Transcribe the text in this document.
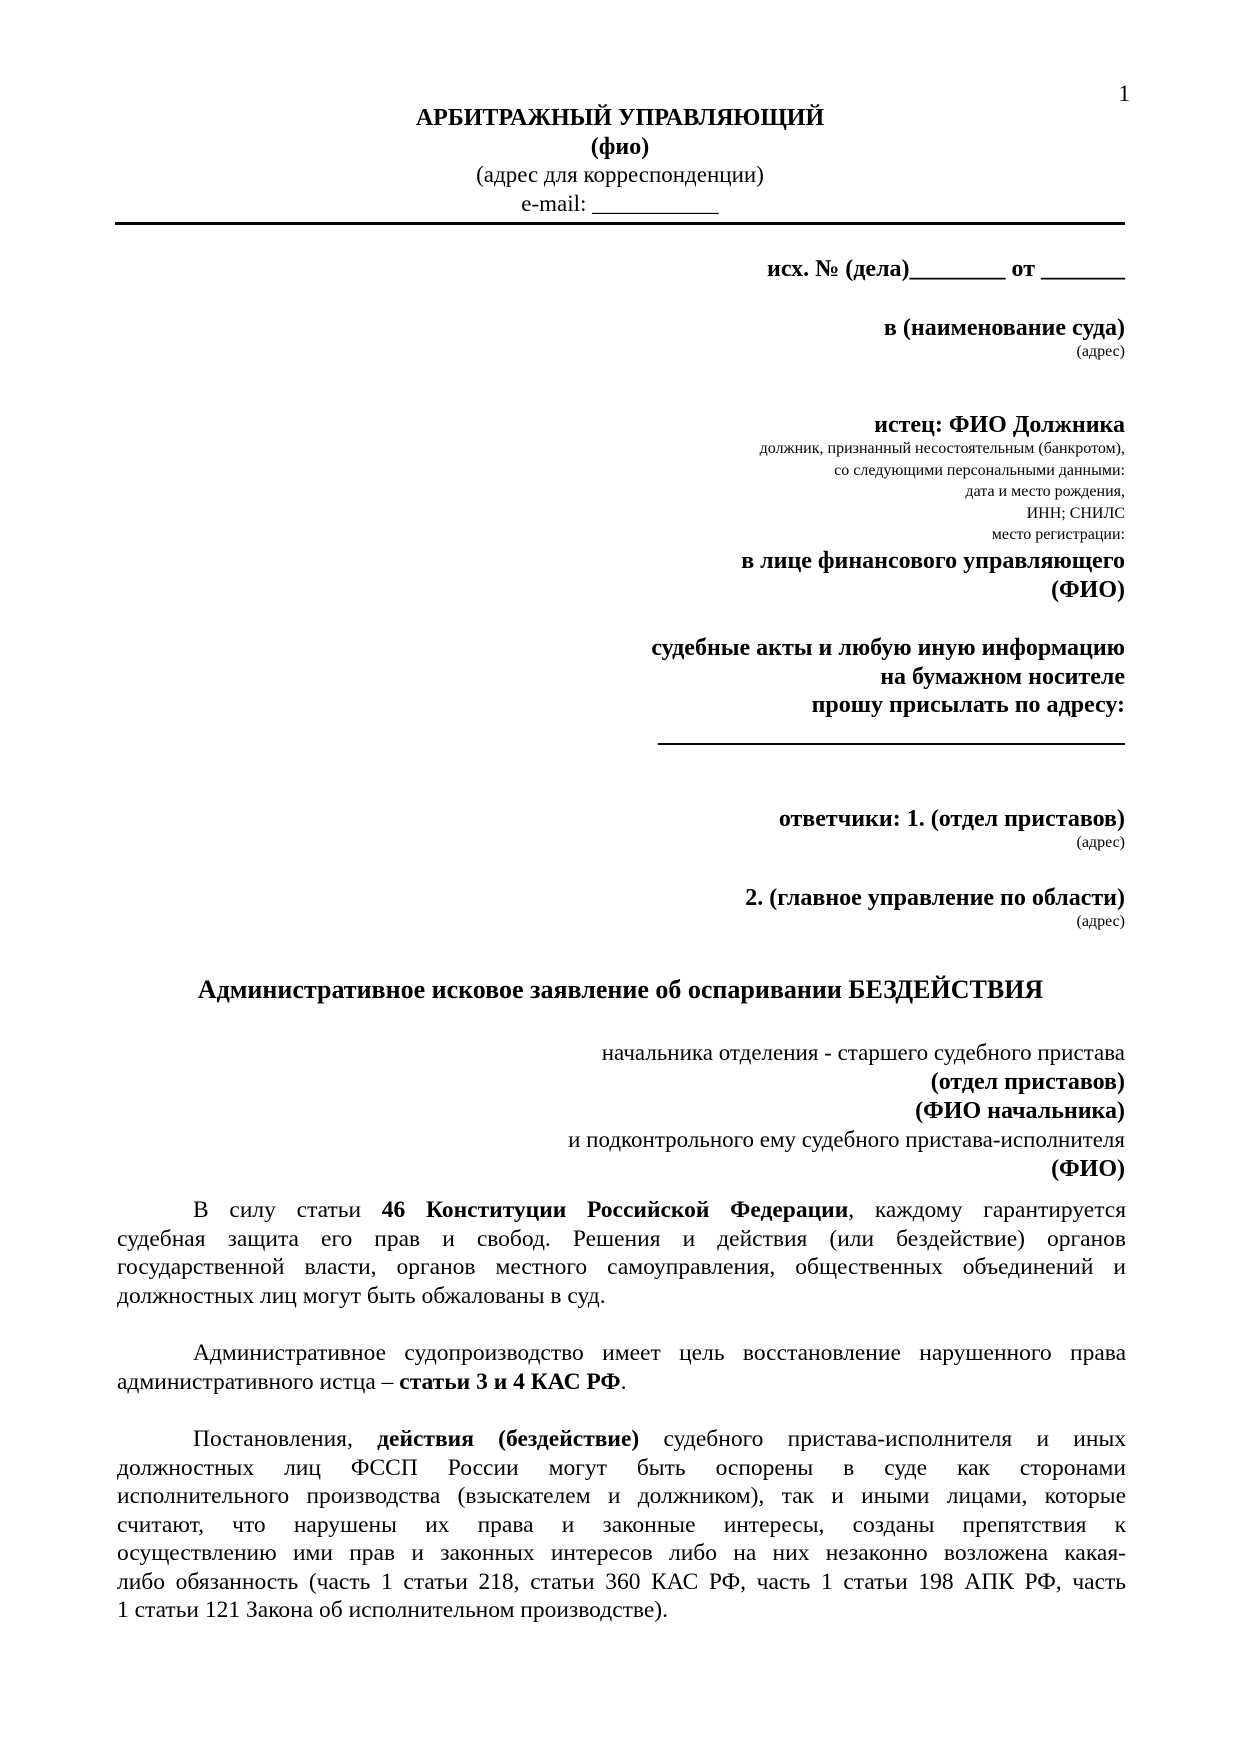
1
АРБИТРАЖНЫЙ УПРАВЛЯЮЩИЙ
(фио)
(адрес для корреспонденции)
e-mail: ___________
исх. № (дела)________ от _______
в (наименование суда)
(адрес)
истец: ФИО Должника
должник, признанный несостоятельным (банкротом),
со следующими персональными данными:
дата и место рождения,
ИНН; СНИЛС
место регистрации:
в лице финансового управляющего
(ФИО)
судебные акты и любую иную информацию
на бумажном носителе
прошу присылать по адресу:
ответчики: 1. (отдел приставов)
(адрес)
2. (главное управление по области)
(адрес)
Административное исковое заявление об оспаривании БЕЗДЕЙСТВИЯ
начальника отделения - старшего судебного пристава
(отдел приставов)
(ФИО начальника)
и подконтрольного ему судебного пристава-исполнителя
(ФИО)
В силу статьи 46 Конституции Российской Федерации, каждому гарантируется
судебная защита его прав и свобод. Решения и действия (или бездействие) органов
государственной власти, органов местного самоуправления, общественных объединений и
должностных лиц могут быть обжалованы в суд.
Административное судопроизводство имеет цель восстановление нарушенного права
административного истца – статьи 3 и 4 КАС РФ.
Постановления, действия (бездействие) судебного пристава-исполнителя и иных
должностных лиц ФССП России могут быть оспорены в суде как сторонами
исполнительного производства (взыскателем и должником), так и иными лицами, которые
считают, что нарушены их права и законные интересы, созданы препятствия к
осуществлению ими прав и законных интересов либо на них незаконно возложена какая-
либо обязанность (часть 1 статьи 218, статьи 360 КАС РФ, часть 1 статьи 198 АПК РФ, часть
1 статьи 121 Закона об исполнительном производстве).
